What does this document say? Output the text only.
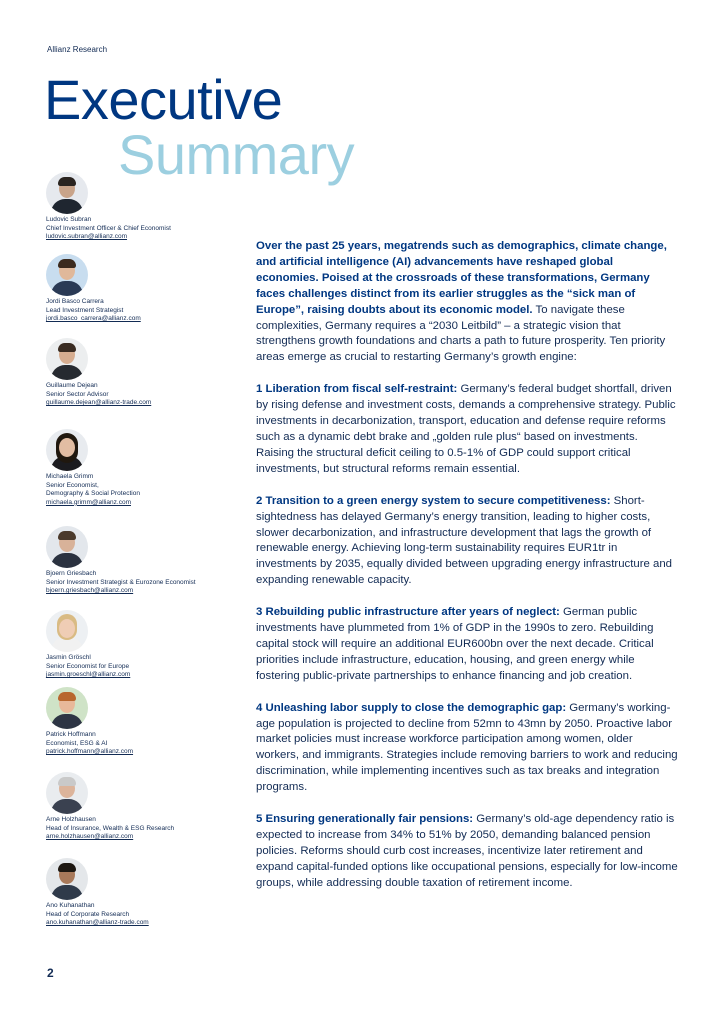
Allianz Research
Executive
Summary
Ludovic Subran
Chief Investment Officer & Chief Economist
ludovic.subran@allianz.com
Jordi Basco Carrera
Lead Investment Strategist
jordi.basco_carrera@allianz.com
Guillaume Dejean
Senior Sector Advisor
guillaume.dejean@allianz-trade.com
Michaela Grimm
Senior Economist,
Demography & Social Protection
michaela.grimm@allianz.com
Bjoern Griesbach
Senior Investment Strategist & Eurozone Economist
bjoern.griesbach@allianz.com
Jasmin Gröschl
Senior Economist for Europe
jasmin.groeschl@allianz.com
Patrick Hoffmann
Economist, ESG & AI
patrick.hoffmann@allianz.com
Arne Holzhausen
Head of Insurance, Wealth & ESG Research
arne.holzhausen@allianz.com
Ano Kuhanathan
Head of Corporate Research
ano.kuhanathan@allianz-trade.com

Over the past 25 years, megatrends such as demographics, climate change, and artificial intelligence (AI) advancements have reshaped global economies. Poised at the crossroads of these transformations, Germany faces challenges distinct from its earlier struggles as the “sick man of Europe”, raising doubts about its economic model. To navigate these complexities, Germany requires a “2030 Leitbild” – a strategic vision that strengthens growth foundations and charts a path to future prosperity. Ten priority areas emerge as crucial to restarting Germany’s growth engine:

1 Liberation from fiscal self-restraint: Germany’s federal budget shortfall, driven by rising defense and investment costs, demands a comprehensive strategy. Public investments in decarbonization, transport, education and defense require reforms such as a dynamic debt brake and „golden rule plus“ based on investments. Raising the structural deficit ceiling to 0.5-1% of GDP could support critical investments, but structural reforms remain essential.

2 Transition to a green energy system to secure competitiveness: Short-sightedness has delayed Germany’s energy transition, leading to higher costs, slower decarbonization, and infrastructure development that lags the growth of renewable energy. Achieving long-term sustainability requires EUR1tr in investments by 2035, equally divided between upgrading energy infrastructure and expanding renewable capacity.

3 Rebuilding public infrastructure after years of neglect: German public investments have plummeted from 1% of GDP in the 1990s to zero. Rebuilding capital stock will require an additional EUR600bn over the next decade. Critical priorities include infrastructure, education, housing, and green energy while fostering public-private partnerships to enhance financing and job creation.

4 Unleashing labor supply to close the demographic gap: Germany’s working-age population is projected to decline from 52mn to 43mn by 2050. Proactive labor market policies must increase workforce participation among women, older workers, and immigrants. Strategies include removing barriers to work and reducing discrimination, while implementing incentives such as tax breaks and integration programs.

5 Ensuring generationally fair pensions: Germany’s old-age dependency ratio is expected to increase from 34% to 51% by 2050, demanding balanced pension policies. Reforms should curb cost increases, incentivize later retirement and expand capital-funded options like occupational pensions, especially for low-income groups, while addressing double taxation of retirement income.

2
